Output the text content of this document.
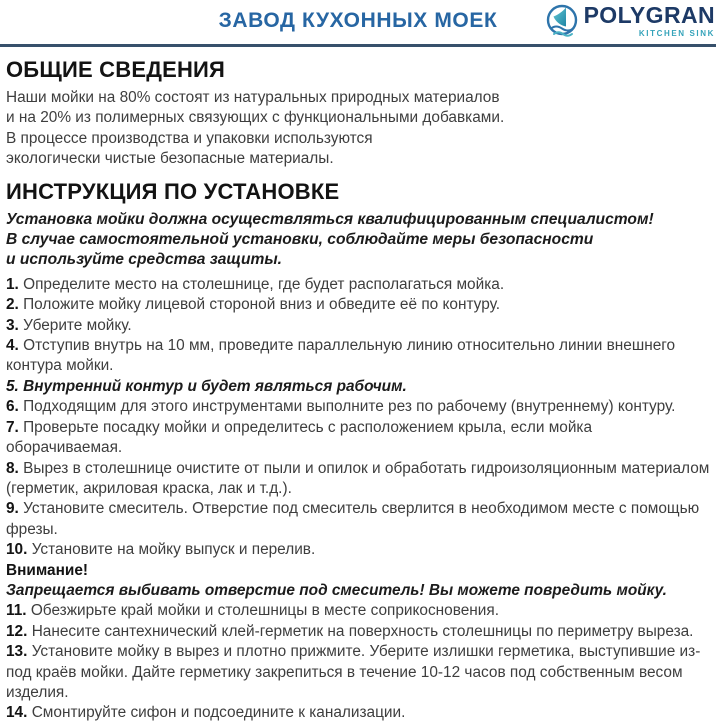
ЗАВОД КУХОННЫХ МОЕК	POLYGRAN
KITCHEN SINK
ОБЩИЕ СВЕДЕНИЯ

Наши мойки на 80% состоят из натуральных природных материалов

и на 20% из полимерных связующих с функциональными добавками.

В процессе производства и упаковки используются

экологически чистые безопасные материалы.

ИНСТРУКЦИЯ ПО УСТАНОВКЕ

Установка мойки должна осуществляться квалифицированным специалистом!

В случае самостоятельной установки, соблюдайте меры безопасности

и используйте средства защиты.

1. Определите место на столешнице, где будет располагаться мойка.

2. Положите мойку лицевой стороной вниз и обведите её по контуру.

3. Уберите мойку.

4. Отступив внутрь на 10 мм, проведите параллельную линию относительно линии внешнего контура мойки.

5. Внутренний контур и будет являться рабочим.

6. Подходящим для этого инструментами выполните рез по рабочему (внутреннему) контуру.

7. Проверьте посадку мойки и определитесь с расположением крыла, если мойка оборачиваемая.

8. Вырез в столешнице очистите от пыли и опилок и обработать гидроизоляционным материалом (герметик, акриловая краска, лак и т.д.).

9. Установите смеситель. Отверстие под смеситель сверлится в необходимом месте с помощью фрезы.

10. Установите на мойку выпуск и перелив.

Внимание!

Запрещается выбивать отверстие под смеситель! Вы можете повредить мойку.

11. Обезжирьте край мойки и столешницы в месте соприкосновения.

12. Нанесите сантехнический клей-герметик на поверхность столешницы по периметру выреза.

13. Установите мойку в вырез и плотно прижмите. Уберите излишки герметика, выступившие из-под краёв мойки. Дайте герметику закрепиться в течение 10-12 часов под собственным весом изделия.

14. Смонтируйте сифон и подсоедините к канализации.
